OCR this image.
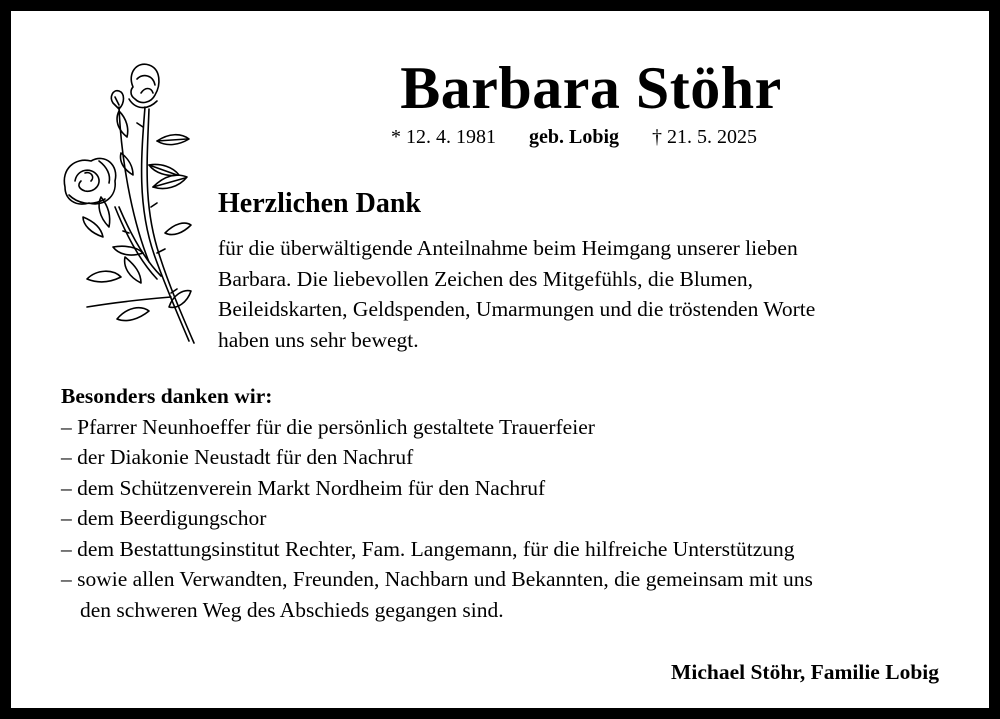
Barbara Stöhr
* 12. 4. 1981 geb. Lobig † 21. 5. 2025
Herzlichen Dank
für die überwältigende Anteilnahme beim Heimgang unserer lieben
Barbara. Die liebevollen Zeichen des Mitgefühls, die Blumen,
Beileidskarten, Geldspenden, Umarmungen und die tröstenden Worte
haben uns sehr bewegt.
Besonders danken wir:
– Pfarrer Neunhoeffer für die persönlich gestaltete Trauerfeier
– der Diakonie Neustadt für den Nachruf
– dem Schützenverein Markt Nordheim für den Nachruf
– dem Beerdigungschor
– dem Bestattungsinstitut Rechter, Fam. Langemann, für die hilfreiche Unterstützung
– sowie allen Verwandten, Freunden, Nachbarn und Bekannten, die gemeinsam mit uns
den schweren Weg des Abschieds gegangen sind.
Michael Stöhr, Familie Lobig
